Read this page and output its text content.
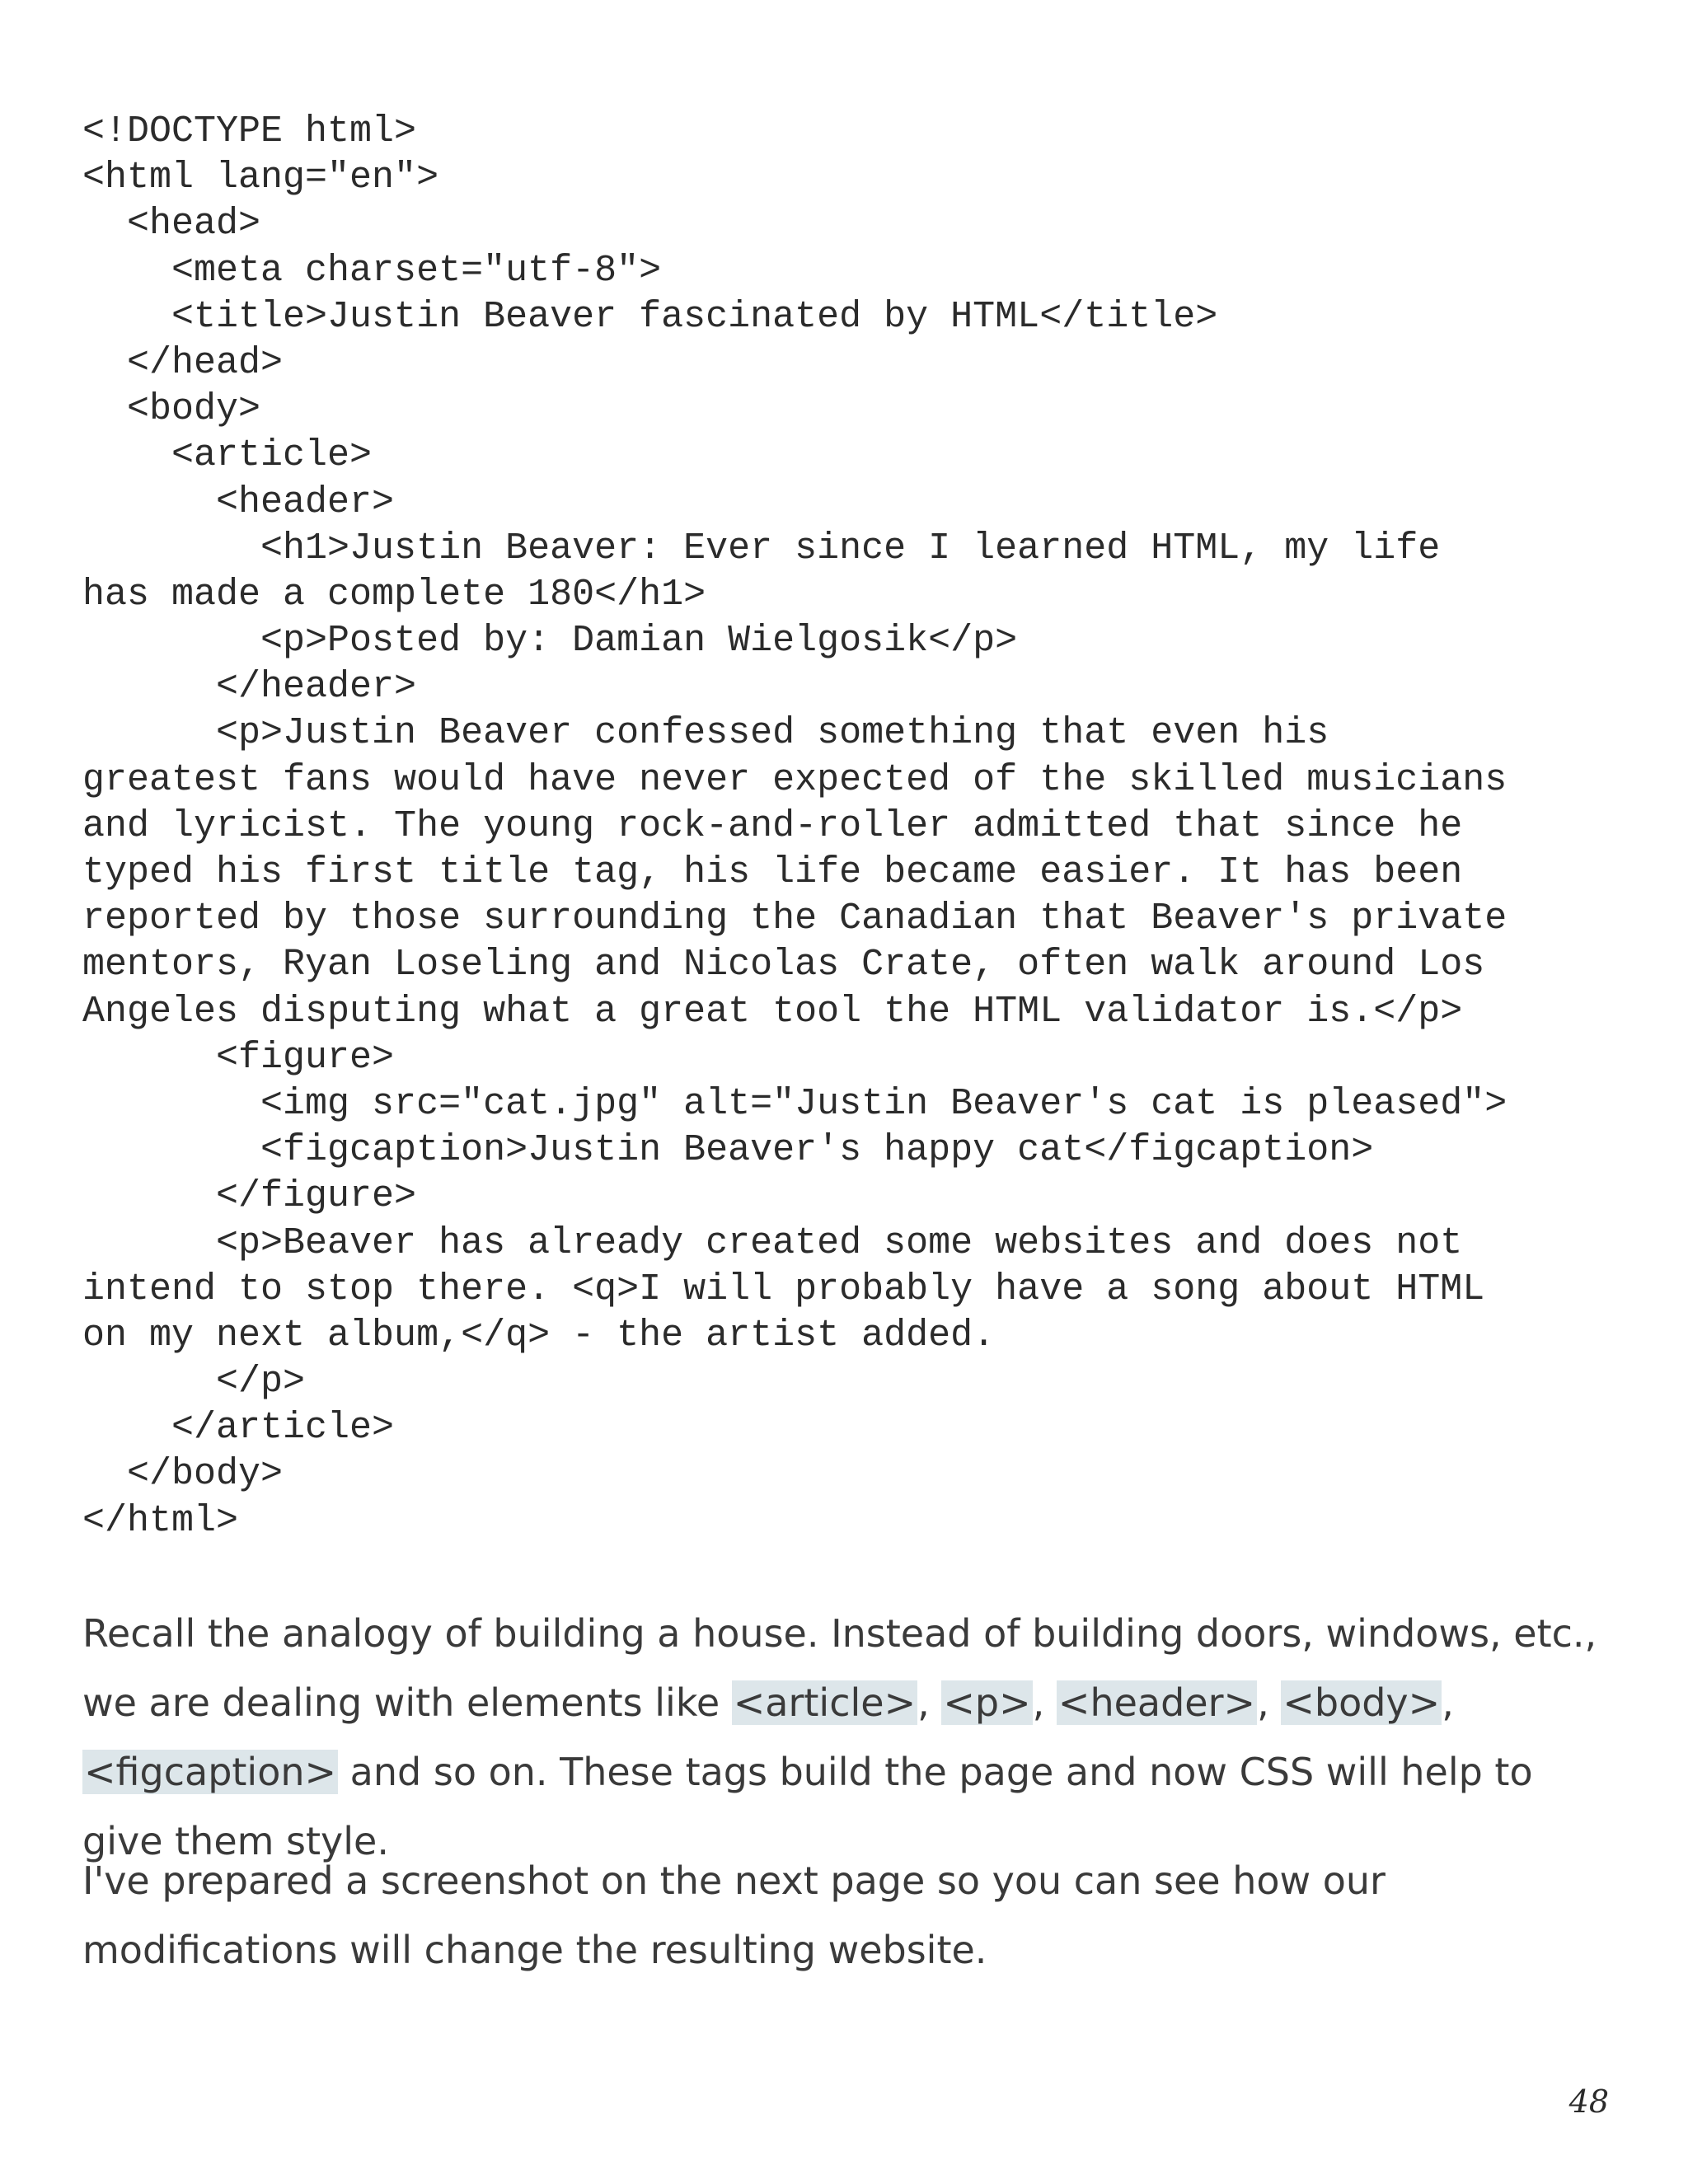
<!DOCTYPE html>
<html lang="en">
<head>
<meta charset="utf-8">
<title>Justin Beaver fascinated by HTML</title>
</head>
<body>
<article>
<header>
<h1>Justin Beaver: Ever since I learned HTML, my life
has made a complete 180</h1>
<p>Posted by: Damian Wielgosik</p>
</header>
<p>Justin Beaver confessed something that even his
greatest fans would have never expected of the skilled musicians
and lyricist. The young rock-and-roller admitted that since he
typed his first title tag, his life became easier. It has been
reported by those surrounding the Canadian that Beaver's private
mentors, Ryan Loseling and Nicolas Crate, often walk around Los
Angeles disputing what a great tool the HTML validator is.</p>
<figure>
<img src="cat.jpg" alt="Justin Beaver's cat is pleased">
<figcaption>Justin Beaver's happy cat</figcaption>
</figure>
<p>Beaver has already created some websites and does not
intend to stop there. <q>I will probably have a song about HTML
on my next album,</q> - the artist added.
</p>
</article>
</body>
</html>

Recall the analogy of building a house. Instead of building doors, windows, etc., we are dealing with elements like <article>, <p>, <header>, <body>, <figcaption> and so on. These tags build the page and now CSS will help to give them style.

I've prepared a screenshot on the next page so you can see how our modifications will change the resulting website.

48
